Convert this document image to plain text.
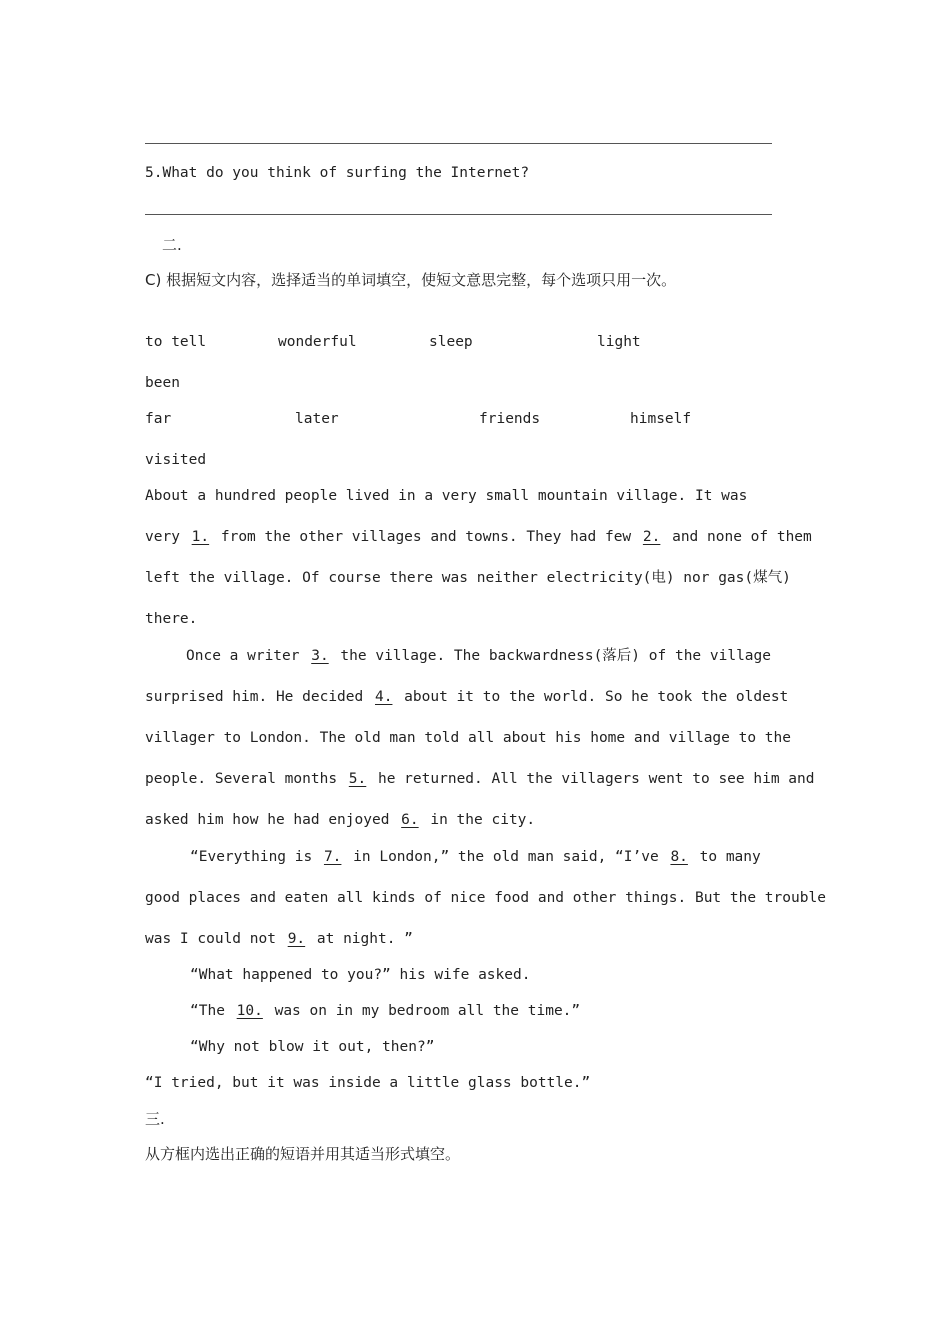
5.What do you think of surfing the Internet?
二.
C) 根据短文内容，选择适当的单词填空，使短文意思完整，每个选项只用一次。
to tell	wonderful	sleep	light
been
far	later	friends	himself
visited
About a hundred people lived in a very small mountain village. It was
very 1. from the other villages and towns. They had few 2. and none of them
left the village. Of course there was neither electricity(电) nor gas(煤气)
there.
Once a writer 3. the village. The backwardness(落后) of the village
surprised him. He decided 4. about it to the world. So he took the oldest
villager to London. The old man told all about his home and village to the
people. Several months 5. he returned. All the villagers went to see him and
asked him how he had enjoyed 6. in the city.
“Everything is 7. in London,” the old man said, “I’ve 8. to many
good places and eaten all kinds of nice food and other things. But the trouble
was I could not 9. at night. ”
“What happened to you?” his wife asked.
“The 10. was on in my bedroom all the time.”
“Why not blow it out, then?”
“I tried, but it was inside a little glass bottle.”
三.
从方框内选出正确的短语并用其适当形式填空。
